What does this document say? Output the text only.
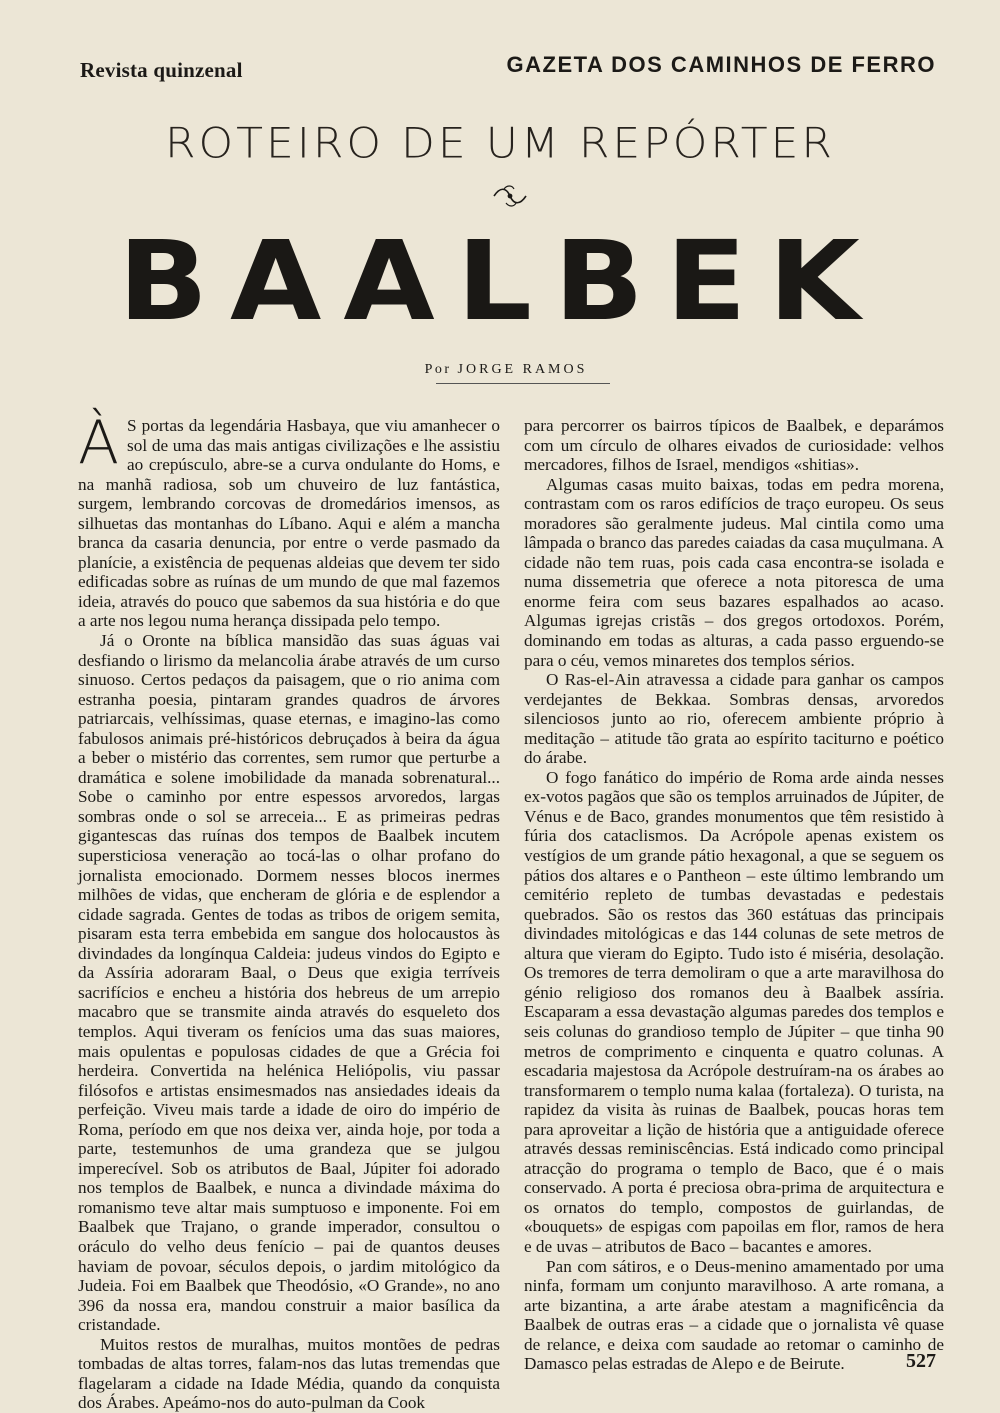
Revista quinzenal	GAZETA DOS CAMINHOS DE FERRO
ROTEIRO DE UM REPÓRTER
BAALBEK
Por JORGE RAMOS

À S portas da legendária Hasbaya, que viu amanhecer o sol de uma das mais antigas civilizações e lhe assistiu ao crepúsculo, abre-se a curva ondulante do Homs, e na manhã radiosa, sob um chuveiro de luz fantástica, surgem, lembrando corcovas de dromedários imensos, as silhuetas das montanhas do Líbano. Aqui e além a mancha branca da casaria denuncia, por entre o verde pasmado da planície, a existência de pequenas aldeias que devem ter sido edificadas sobre as ruínas de um mundo de que mal fazemos ideia, através do pouco que sabemos da sua história e do que a arte nos legou numa herança dissipada pelo tempo.

Já o Oronte na bíblica mansidão das suas águas vai desfiando o lirismo da melancolia árabe através de um curso sinuoso. Certos pedaços da paisagem, que o rio anima com estranha poesia, pintaram grandes quadros de árvores patriarcais, velhíssimas, quase eternas, e imagino-las como fabulosos animais pré-históricos debruçados à beira da água a beber o mistério das correntes, sem rumor que perturbe a dramática e solene imobilidade da manada sobrenatural... Sobe o caminho por entre espessos arvoredos, largas sombras onde o sol se arreceia... E as primeiras pedras gigantescas das ruínas dos tempos de Baalbek incutem supersticiosa veneração ao tocá-las o olhar profano do jornalista emocionado. Dormem nesses blocos inermes milhões de vidas, que encheram de glória e de esplendor a cidade sagrada. Gentes de todas as tribos de origem semita, pisaram esta terra embebida em sangue dos holocaustos às divindades da longínqua Caldeia: judeus vindos do Egipto e da Assíria adoraram Baal, o Deus que exigia terríveis sacrifícios e encheu a história dos hebreus de um arrepio macabro que se transmite ainda através do esqueleto dos templos. Aqui tiveram os fenícios uma das suas maiores, mais opulentas e populosas cidades de que a Grécia foi herdeira. Convertida na helénica Heliópolis, viu passar filósofos e artistas ensimesmados nas ansiedades ideais da perfeição. Viveu mais tarde a idade de oiro do império de Roma, período em que nos deixa ver, ainda hoje, por toda a parte, testemunhos de uma grandeza que se julgou imperecível. Sob os atributos de Baal, Júpiter foi adorado nos templos de Baalbek, e nunca a divindade máxima do romanismo teve altar mais sumptuoso e imponente. Foi em Baalbek que Trajano, o grande imperador, consultou o oráculo do velho deus fenício – pai de quantos deuses haviam de povoar, séculos depois, o jardim mitológico da Judeia. Foi em Baalbek que Theodósio, «O Grande», no ano 396 da nossa era, mandou construir a maior basílica da cristandade.

Muitos restos de muralhas, muitos montões de pedras tombadas de altas torres, falam-nos das lutas tremendas que flagelaram a cidade na Idade Média, quando da conquista dos Árabes. Apeámo-nos do auto-pulman da Cook

para percorrer os bairros típicos de Baalbek, e deparámos com um círculo de olhares eivados de curiosidade: velhos mercadores, filhos de Israel, mendigos «shitias».

Algumas casas muito baixas, todas em pedra morena, contrastam com os raros edifícios de traço europeu. Os seus moradores são geralmente judeus. Mal cintila como uma lâmpada o branco das paredes caiadas da casa muçulmana. A cidade não tem ruas, pois cada casa encontra-se isolada e numa dissemetria que oferece a nota pitoresca de uma enorme feira com seus bazares espalhados ao acaso. Algumas igrejas cristãs – dos gregos ortodoxos. Porém, dominando em todas as alturas, a cada passo erguendo-se para o céu, vemos minaretes dos templos sérios.

O Ras-el-Ain atravessa a cidade para ganhar os campos verdejantes de Bekkaa. Sombras densas, arvoredos silenciosos junto ao rio, oferecem ambiente próprio à meditação – atitude tão grata ao espírito taciturno e poético do árabe.

O fogo fanático do império de Roma arde ainda nesses ex-votos pagãos que são os templos arruinados de Júpiter, de Vénus e de Baco, grandes monumentos que têm resistido à fúria dos cataclismos. Da Acrópole apenas existem os vestígios de um grande pátio hexagonal, a que se seguem os pátios dos altares e o Pantheon – este último lembrando um cemitério repleto de tumbas devastadas e pedestais quebrados. São os restos das 360 estátuas das principais divindades mitológicas e das 144 colunas de sete metros de altura que vieram do Egipto. Tudo isto é miséria, desolação. Os tremores de terra demoliram o que a arte maravilhosa do génio religioso dos romanos deu à Baalbek assíria. Escaparam a essa devastação algumas paredes dos templos e seis colunas do grandioso templo de Júpiter – que tinha 90 metros de comprimento e cinquenta e quatro colunas. A escadaria majestosa da Acrópole destruíram-na os árabes ao transformarem o templo numa kalaa (fortaleza). O turista, na rapidez da visita às ruinas de Baalbek, poucas horas tem para aproveitar a lição de história que a antiguidade oferece através dessas reminiscências. Está indicado como principal atracção do programa o templo de Baco, que é o mais conservado. A porta é preciosa obra-prima de arquitectura e os ornatos do templo, compostos de guirlandas, de «bouquets» de espigas com papoilas em flor, ramos de hera e de uvas – atributos de Baco – bacantes e amores.

Pan com sátiros, e o Deus-menino amamentado por uma ninfa, formam um conjunto maravilhoso. A arte romana, a arte bizantina, a arte árabe atestam a magnificência da Baalbek de outras eras – a cidade que o jornalista vê quase de relance, e deixa com saudade ao retomar o caminho de Damasco pelas estradas de Alepo e de Beirute.	527
